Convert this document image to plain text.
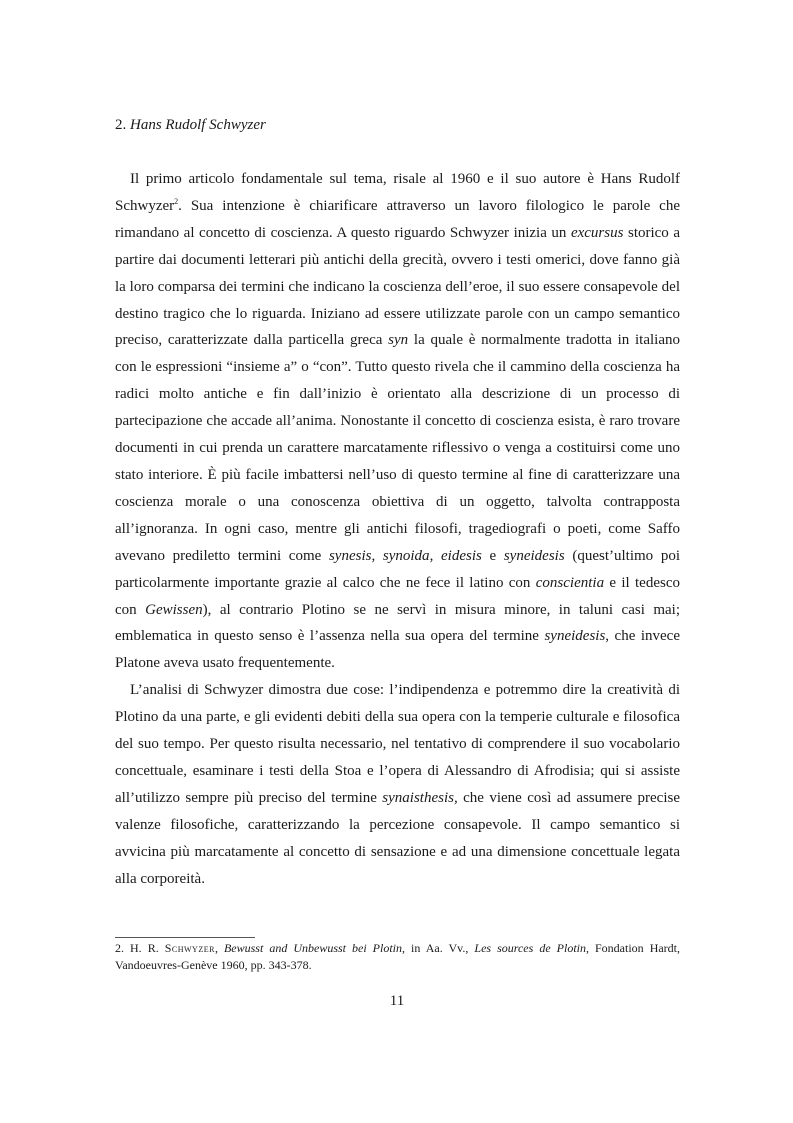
2. Hans Rudolf Schwyzer

Il primo articolo fondamentale sul tema, risale al 1960 e il suo autore è Hans Rudolf Schwyzer$^2$. Sua intenzione è chiarificare attraverso un lavoro filologico le parole che rimandano al concetto di coscienza. A questo riguardo Schwyzer inizia un excursus storico a partire dai documenti letterari più antichi della grecità, ovvero i testi omerici, dove fanno già la loro comparsa dei termini che indicano la coscienza dell’eroe, il suo essere consapevole del destino tragico che lo riguarda. Iniziano ad essere utilizzate parole con un campo semantico preciso, caratterizzate dalla particella greca syn la quale è normalmente tradotta in italiano con le espressioni “insieme a” o “con”. Tutto questo rivela che il cammino della coscienza ha radici molto antiche e fin dall’inizio è orientato alla descrizione di un processo di partecipazione che accade all’anima. Nonostante il concetto di coscienza esista, è raro trovare documenti in cui prenda un carattere marcatamente riflessivo o venga a costituirsi come uno stato interiore. È più facile imbattersi nell’uso di questo termine al fine di caratterizzare una coscienza morale o una conoscenza obiettiva di un oggetto, talvolta contrapposta all’ignoranza. In ogni caso, mentre gli antichi filosofi, tragediografi o poeti, come Saffo avevano prediletto termini come synesis, synoida, eidesis e syneidesis (quest’ultimo poi particolarmente importante grazie al calco che ne fece il latino con conscientia e il tedesco con Gewissen), al contrario Plotino se ne servì in misura minore, in taluni casi mai; emblematica in questo senso è l’assenza nella sua opera del termine syneidesis, che invece Platone aveva usato frequentemente.

L’analisi di Schwyzer dimostra due cose: l’indipendenza e potremmo dire la creatività di Plotino da una parte, e gli evidenti debiti della sua opera con la temperie culturale e filosofica del suo tempo. Per questo risulta necessario, nel tentativo di comprendere il suo vocabolario concettuale, esaminare i testi della Stoa e l’opera di Alessandro di Afrodisia; qui si assiste all’utilizzo sempre più preciso del termine synaisthesis, che viene così ad assumere precise valenze filosofiche, caratterizzando la percezione consapevole. Il campo semantico si avvicina più marcatamente al concetto di sensazione e ad una dimensione concettuale legata alla corporeità.

2. H. R. Schwyzer, Bewusst and Unbewusst bei Plotin, in Aa. Vv., Les sources de Plotin, Fondation Hardt, Vandoeuvres-Genève 1960, pp. 343-378.
11
